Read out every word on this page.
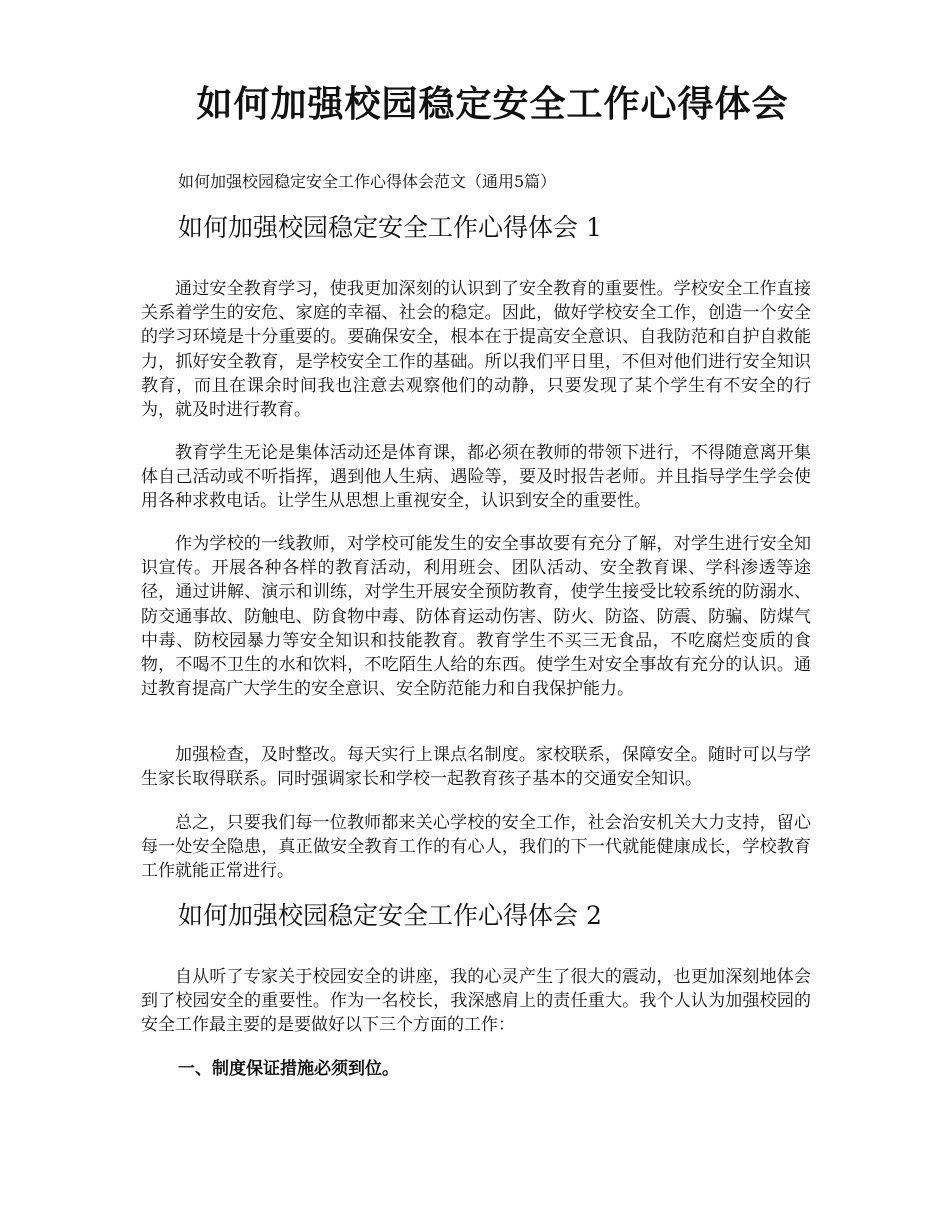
如何加强校园稳定安全工作心得体会

如何加强校园稳定安全工作心得体会范文（通用5篇）

如何加强校园稳定安全工作心得体会 1

通过安全教育学习，使我更加深刻的认识到了安全教育的重要性。学校安全工作直接关系着学生的安危、家庭的幸福、社会的稳定。因此，做好学校安全工作，创造一个安全的学习环境是十分重要的。要确保安全，根本在于提高安全意识、自我防范和自护自救能力，抓好安全教育，是学校安全工作的基础。所以我们平日里，不但对他们进行安全知识教育，而且在课余时间我也注意去观察他们的动静，只要发现了某个学生有不安全的行为，就及时进行教育。

教育学生无论是集体活动还是体育课，都必须在教师的带领下进行，不得随意离开集体自己活动或不听指挥，遇到他人生病、遇险等，要及时报告老师。并且指导学生学会使用各种求救电话。让学生从思想上重视安全，认识到安全的重要性。

作为学校的一线教师，对学校可能发生的安全事故要有充分了解，对学生进行安全知识宣传。开展各种各样的教育活动，利用班会、团队活动、安全教育课、学科渗透等途径，通过讲解、演示和训练，对学生开展安全预防教育，使学生接受比较系统的防溺水、防交通事故、防触电、防食物中毒、防体育运动伤害、防火、防盗、防震、防骗、防煤气中毒、防校园暴力等安全知识和技能教育。教育学生不买三无食品，不吃腐烂变质的食物，不喝不卫生的水和饮料，不吃陌生人给的东西。使学生对安全事故有充分的认识。通过教育提高广大学生的安全意识、安全防范能力和自我保护能力。

加强检查，及时整改。每天实行上课点名制度。家校联系，保障安全。随时可以与学生家长取得联系。同时强调家长和学校一起教育孩子基本的交通安全知识。

总之，只要我们每一位教师都来关心学校的安全工作，社会治安机关大力支持，留心每一处安全隐患，真正做安全教育工作的有心人，我们的下一代就能健康成长，学校教育工作就能正常进行。

如何加强校园稳定安全工作心得体会 2

自从听了专家关于校园安全的讲座，我的心灵产生了很大的震动，也更加深刻地体会到了校园安全的重要性。作为一名校长，我深感肩上的责任重大。我个人认为加强校园的安全工作最主要的是要做好以下三个方面的工作：

一、制度保证措施必须到位。
